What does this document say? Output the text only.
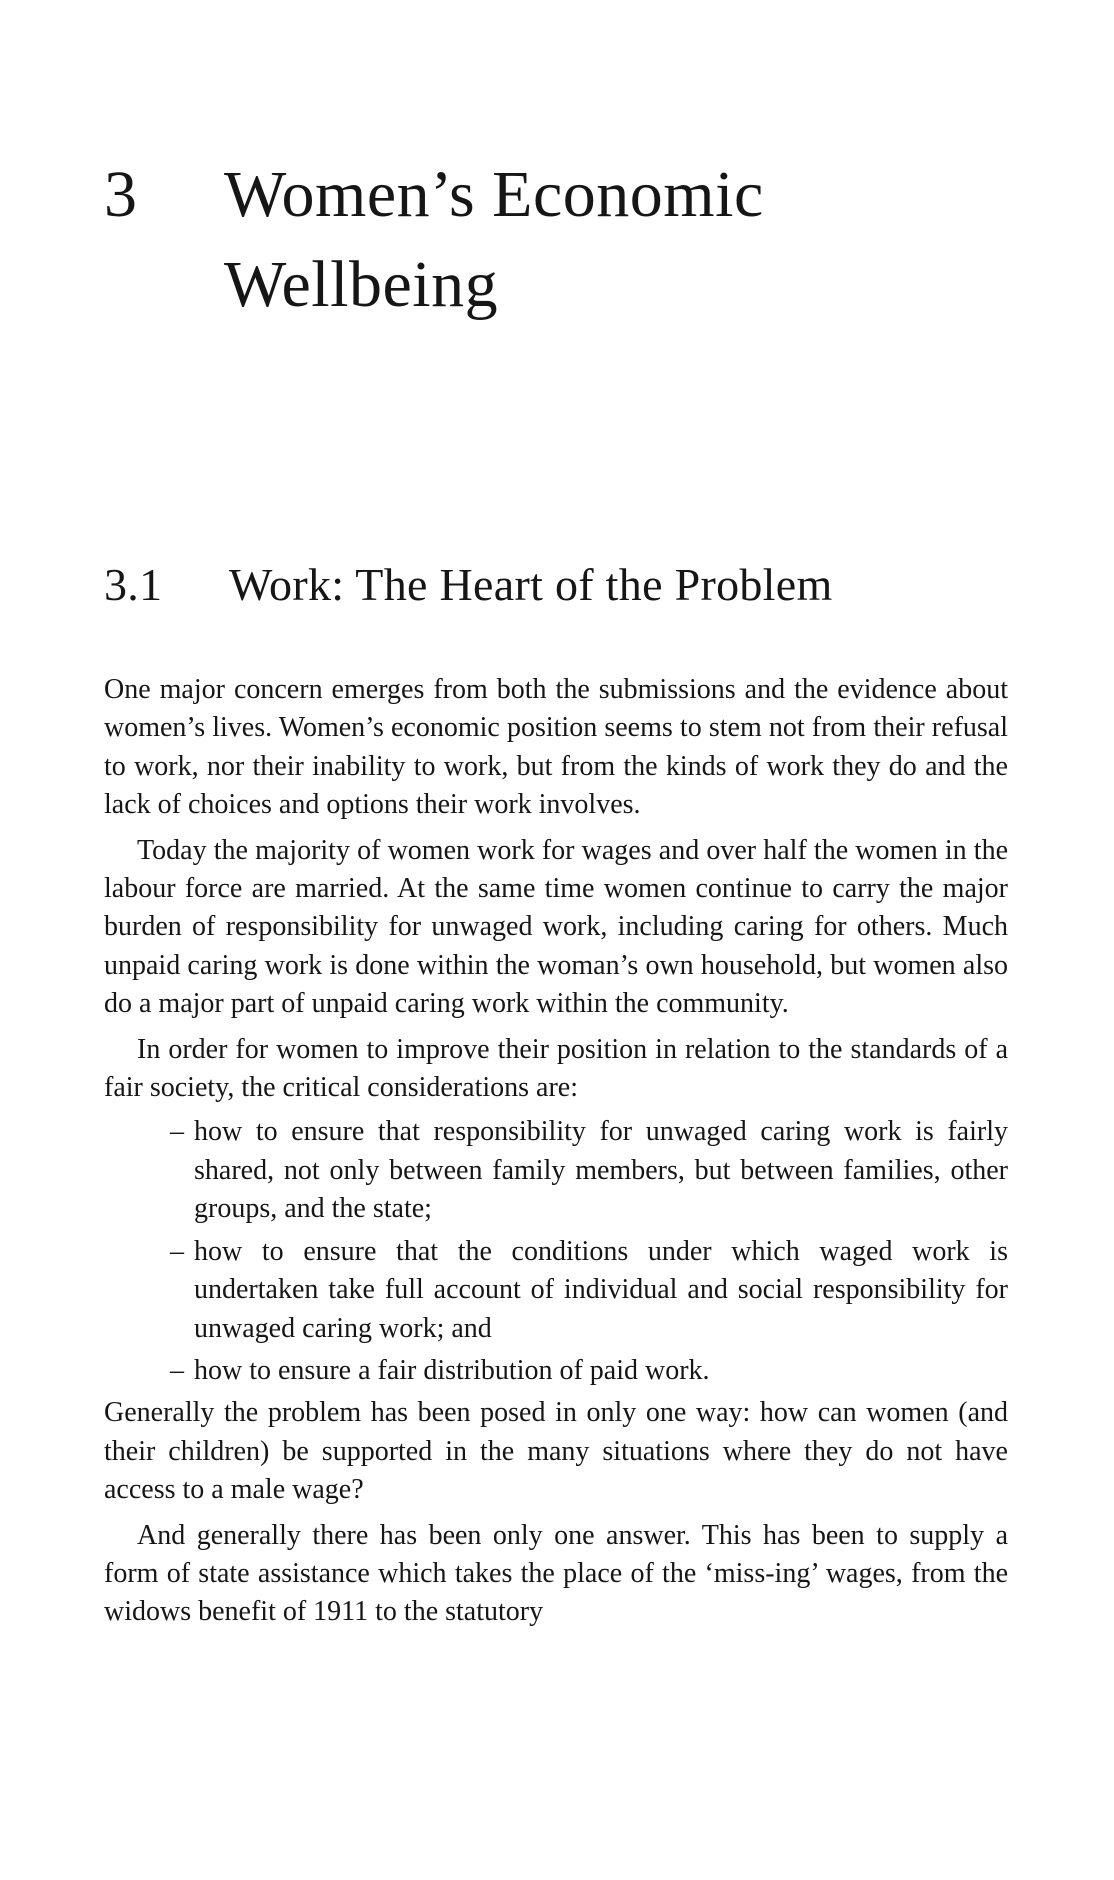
3 Women’s Economic Wellbeing
3.1 Work: The Heart of the Problem

One major concern emerges from both the submissions and the evidence about women’s lives. Women’s economic position seems to stem not from their refusal to work, nor their inability to work, but from the kinds of work they do and the lack of choices and options their work involves.

Today the majority of women work for wages and over half the women in the labour force are married. At the same time women continue to carry the major burden of responsibility for unwaged work, including caring for others. Much unpaid caring work is done within the woman’s own household, but women also do a major part of unpaid caring work within the community.

In order for women to improve their position in relation to the standards of a fair society, the critical considerations are:

– how to ensure that responsibility for unwaged caring work is fairly shared, not only between family members, but between families, other groups, and the state;
– how to ensure that the conditions under which waged work is undertaken take full account of individual and social responsibility for unwaged caring work; and
– how to ensure a fair distribution of paid work.

Generally the problem has been posed in only one way: how can women (and their children) be supported in the many situations where they do not have access to a male wage?

And generally there has been only one answer. This has been to supply a form of state assistance which takes the place of the ‘miss-ing’ wages, from the widows benefit of 1911 to the statutory
